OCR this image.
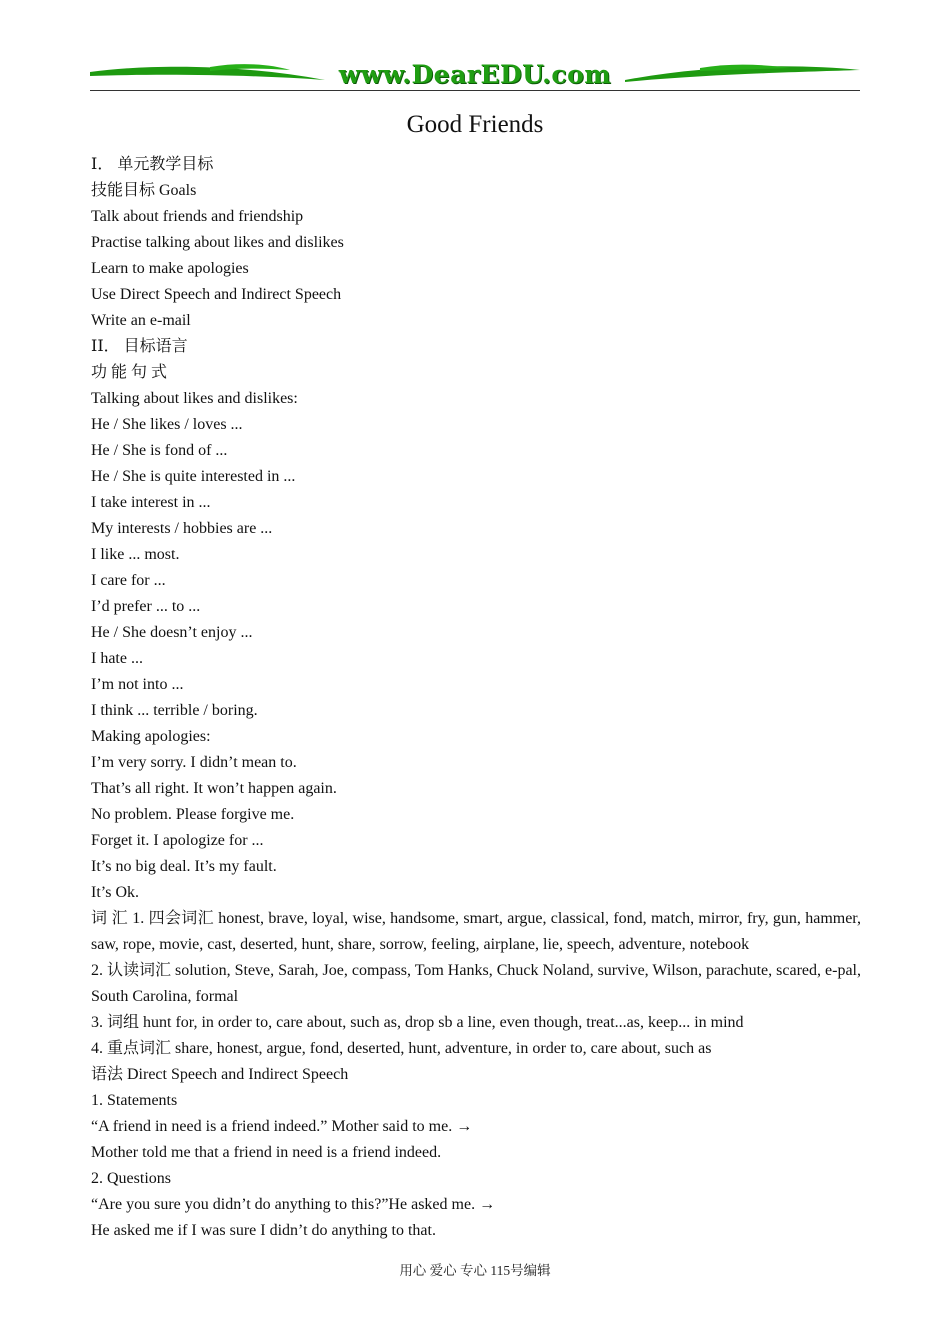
www.DearEDU.com
Good Friends
Ⅰ． 单元教学目标
技能目标 Goals
Talk about friends and friendship
Practise talking about likes and dislikes
Learn to make apologies
Use Direct Speech and Indirect Speech
Write an e-mail
ⅠⅠ． 目标语言
功 能 句 式
Talking about likes and dislikes:
He / She likes / loves ...
He / She is fond of ...
He / She is quite interested in ...
I take interest in ...
My interests / hobbies are ...
I like ... most.
I care for ...
I’d prefer ... to ...
He / She doesn’t enjoy ...
I hate ...
I’m not into ...
I think ... terrible / boring.
Making apologies:
I’m very sorry. I didn’t mean to.
That’s all right. It won’t happen again.
No problem. Please forgive me.
Forget it. I apologize for ...
It’s no big deal. It’s my fault.
It’s Ok.
词 汇 1. 四会词汇 honest, brave, loyal, wise, handsome, smart, argue, classical, fond, match, mirror, fry, gun, hammer, saw, rope, movie, cast, deserted, hunt, share, sorrow, feeling, airplane, lie, speech, adventure, notebook
2. 认读词汇 solution, Steve, Sarah, Joe, compass, Tom Hanks, Chuck Noland, survive, Wilson, parachute, scared, e-pal, South Carolina, formal
3. 词组 hunt for, in order to, care about, such as, drop sb a line, even though, treat...as, keep... in mind
4. 重点词汇 share, honest, argue, fond, deserted, hunt, adventure, in order to, care about, such as
语法 Direct Speech and Indirect Speech
1. Statements
“A friend in need is a friend indeed.” Mother said to me. →
Mother told me that a friend in need is a friend indeed.
2. Questions
“Are you sure you didn’t do anything to this?”He asked me. →
He asked me if I was sure I didn’t do anything to that.
用心 爱心 专心 115号编辑
